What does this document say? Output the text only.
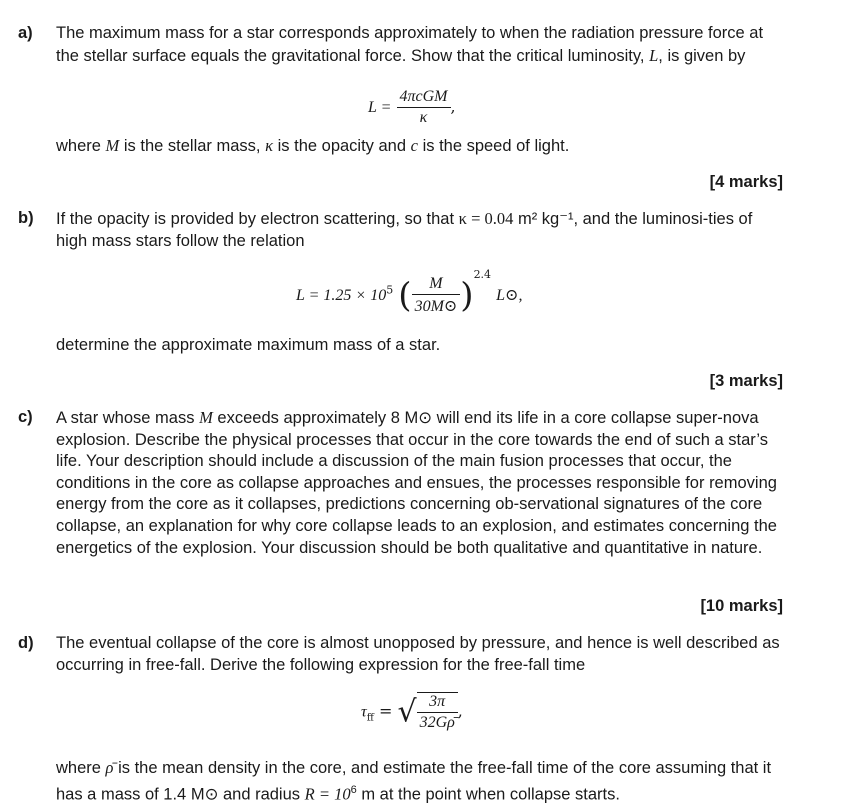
a) The maximum mass for a star corresponds approximately to when the radiation pressure force at the stellar surface equals the gravitational force. Show that the critical luminosity, L, is given by
$L = \frac{\text{4πcGM}}{\kappa}$ ,
where M is the stellar mass, κ is the opacity and c is the speed of light.
[4 marks]
b) If the opacity is provided by electron scattering, so that κ = 0.04 m² kg⁻¹, and the luminosi-ties of high mass stars follow the relation
$L = 1.25 \times 10^5$ ( $\frac{M}{30M⊙} )^{2.4}$ L⊙,
determine the approximate maximum mass of a star.
[3 marks]
c) A star whose mass M exceeds approximately 8 M⊙ will end its life in a core collapse super-nova explosion. Describe the physical processes that occur in the core towards the end of such a star’s life. Your description should include a discussion of the main fusion processes that occur, the conditions in the core as collapse approaches and ensues, the processes responsible for removing energy from the core as it collapses, predictions concerning ob-servational signatures of the core collapse, an explanation for why core collapse leads to an explosion, and estimates concerning the energetics of the explosion. Your discussion should be both qualitative and quantitative in nature.
[10 marks]
d) The eventual collapse of the core is almost unopposed by pressure, and hence is well described as occurring in free-fall. Derive the following expression for the free-fall time
$\tau_{ff}$ = √ $\frac{3\pi}{32G\rhō}$ ,
where ρ̄ is the mean density in the core, and estimate the free-fall time of the core assuming that it has a mass of 1.4 M⊙ and radius $R = 10^6$ m at the point when collapse starts.
